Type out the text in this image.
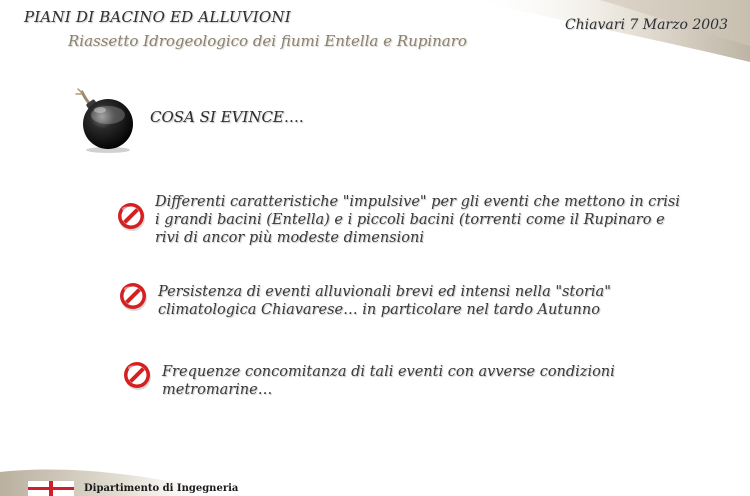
PIANI DI BACINO ED ALLUVIONI
Riassetto Idrogeologico dei fiumi Entella e Rupinaro
Chiavari 7 Marzo 2003
COSA SI EVINCE….
Differenti caratteristiche "impulsive" per gli eventi che mettono in crisi
i grandi bacini (Entella) e i piccoli bacini (torrenti come il Rupinaro e
rivi di ancor più modeste dimensioni
Persistenza di eventi alluvionali brevi ed intensi nella "storia"
climatologica Chiavarese… in particolare nel tardo Autunno
Frequenze concomitanza di tali eventi con avverse condizioni
metromarine…
Dipartimento di Ingegneria
